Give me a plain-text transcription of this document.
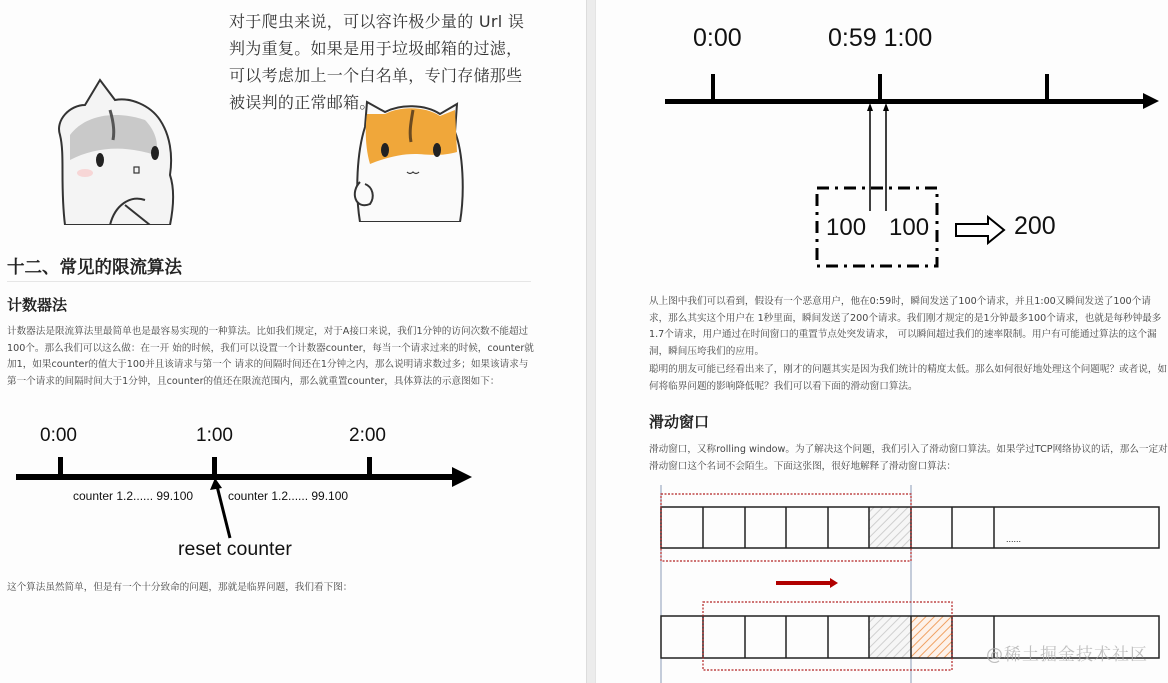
对于爬虫来说，可以容许极少量的 Url 误
判为重复。如果是用于垃圾邮箱的过滤，
可以考虑加上一个白名单，专门存储那些
被误判的正常邮箱。
十二、常见的限流算法
计数器法
计数器法是限流算法里最简单也是最容易实现的一种算法。比如我们规定，对于A接口来说，我们1分钟的访问次数不能超过100个。那么我们可以这么做：在一开 始的时候，我们可以设置一个计数器counter，每当一个请求过来的时候，counter就加1，如果counter的值大于100并且该请求与第一个 请求的间隔时间还在1分钟之内，那么说明请求数过多；如果该请求与第一个请求的间隔时间大于1分钟，且counter的值还在限流范围内，那么就重置counter，具体算法的示意图如下：
0:00	1:00	2:00
counter 1.2...... 99.100	counter 1.2...... 99.100
reset counter
这个算法虽然简单，但是有一个十分致命的问题，那就是临界问题，我们看下图：
0:00	0:59 1:00
100 100	200
从上图中我们可以看到，假设有一个恶意用户，他在0:59时，瞬间发送了100个请求，并且1:00又瞬间发送了100个请求，那么其实这个用户在 1秒里面，瞬间发送了200个请求。我们刚才规定的是1分钟最多100个请求，也就是每秒钟最多1.7个请求，用户通过在时间窗口的重置节点处突发请求， 可以瞬间超过我们的速率限制。用户有可能通过算法的这个漏洞，瞬间压垮我们的应用。
聪明的朋友可能已经看出来了，刚才的问题其实是因为我们统计的精度太低。那么如何很好地处理这个问题呢？或者说，如何将临界问题的影响降低呢？我们可以看下面的滑动窗口算法。
滑动窗口
滑动窗口，又称rolling window。为了解决这个问题，我们引入了滑动窗口算法。如果学过TCP网络协议的话，那么一定对滑动窗口这个名词不会陌生。下面这张图，很好地解释了滑动窗口算法：
......
@稀土掘金技术社区
